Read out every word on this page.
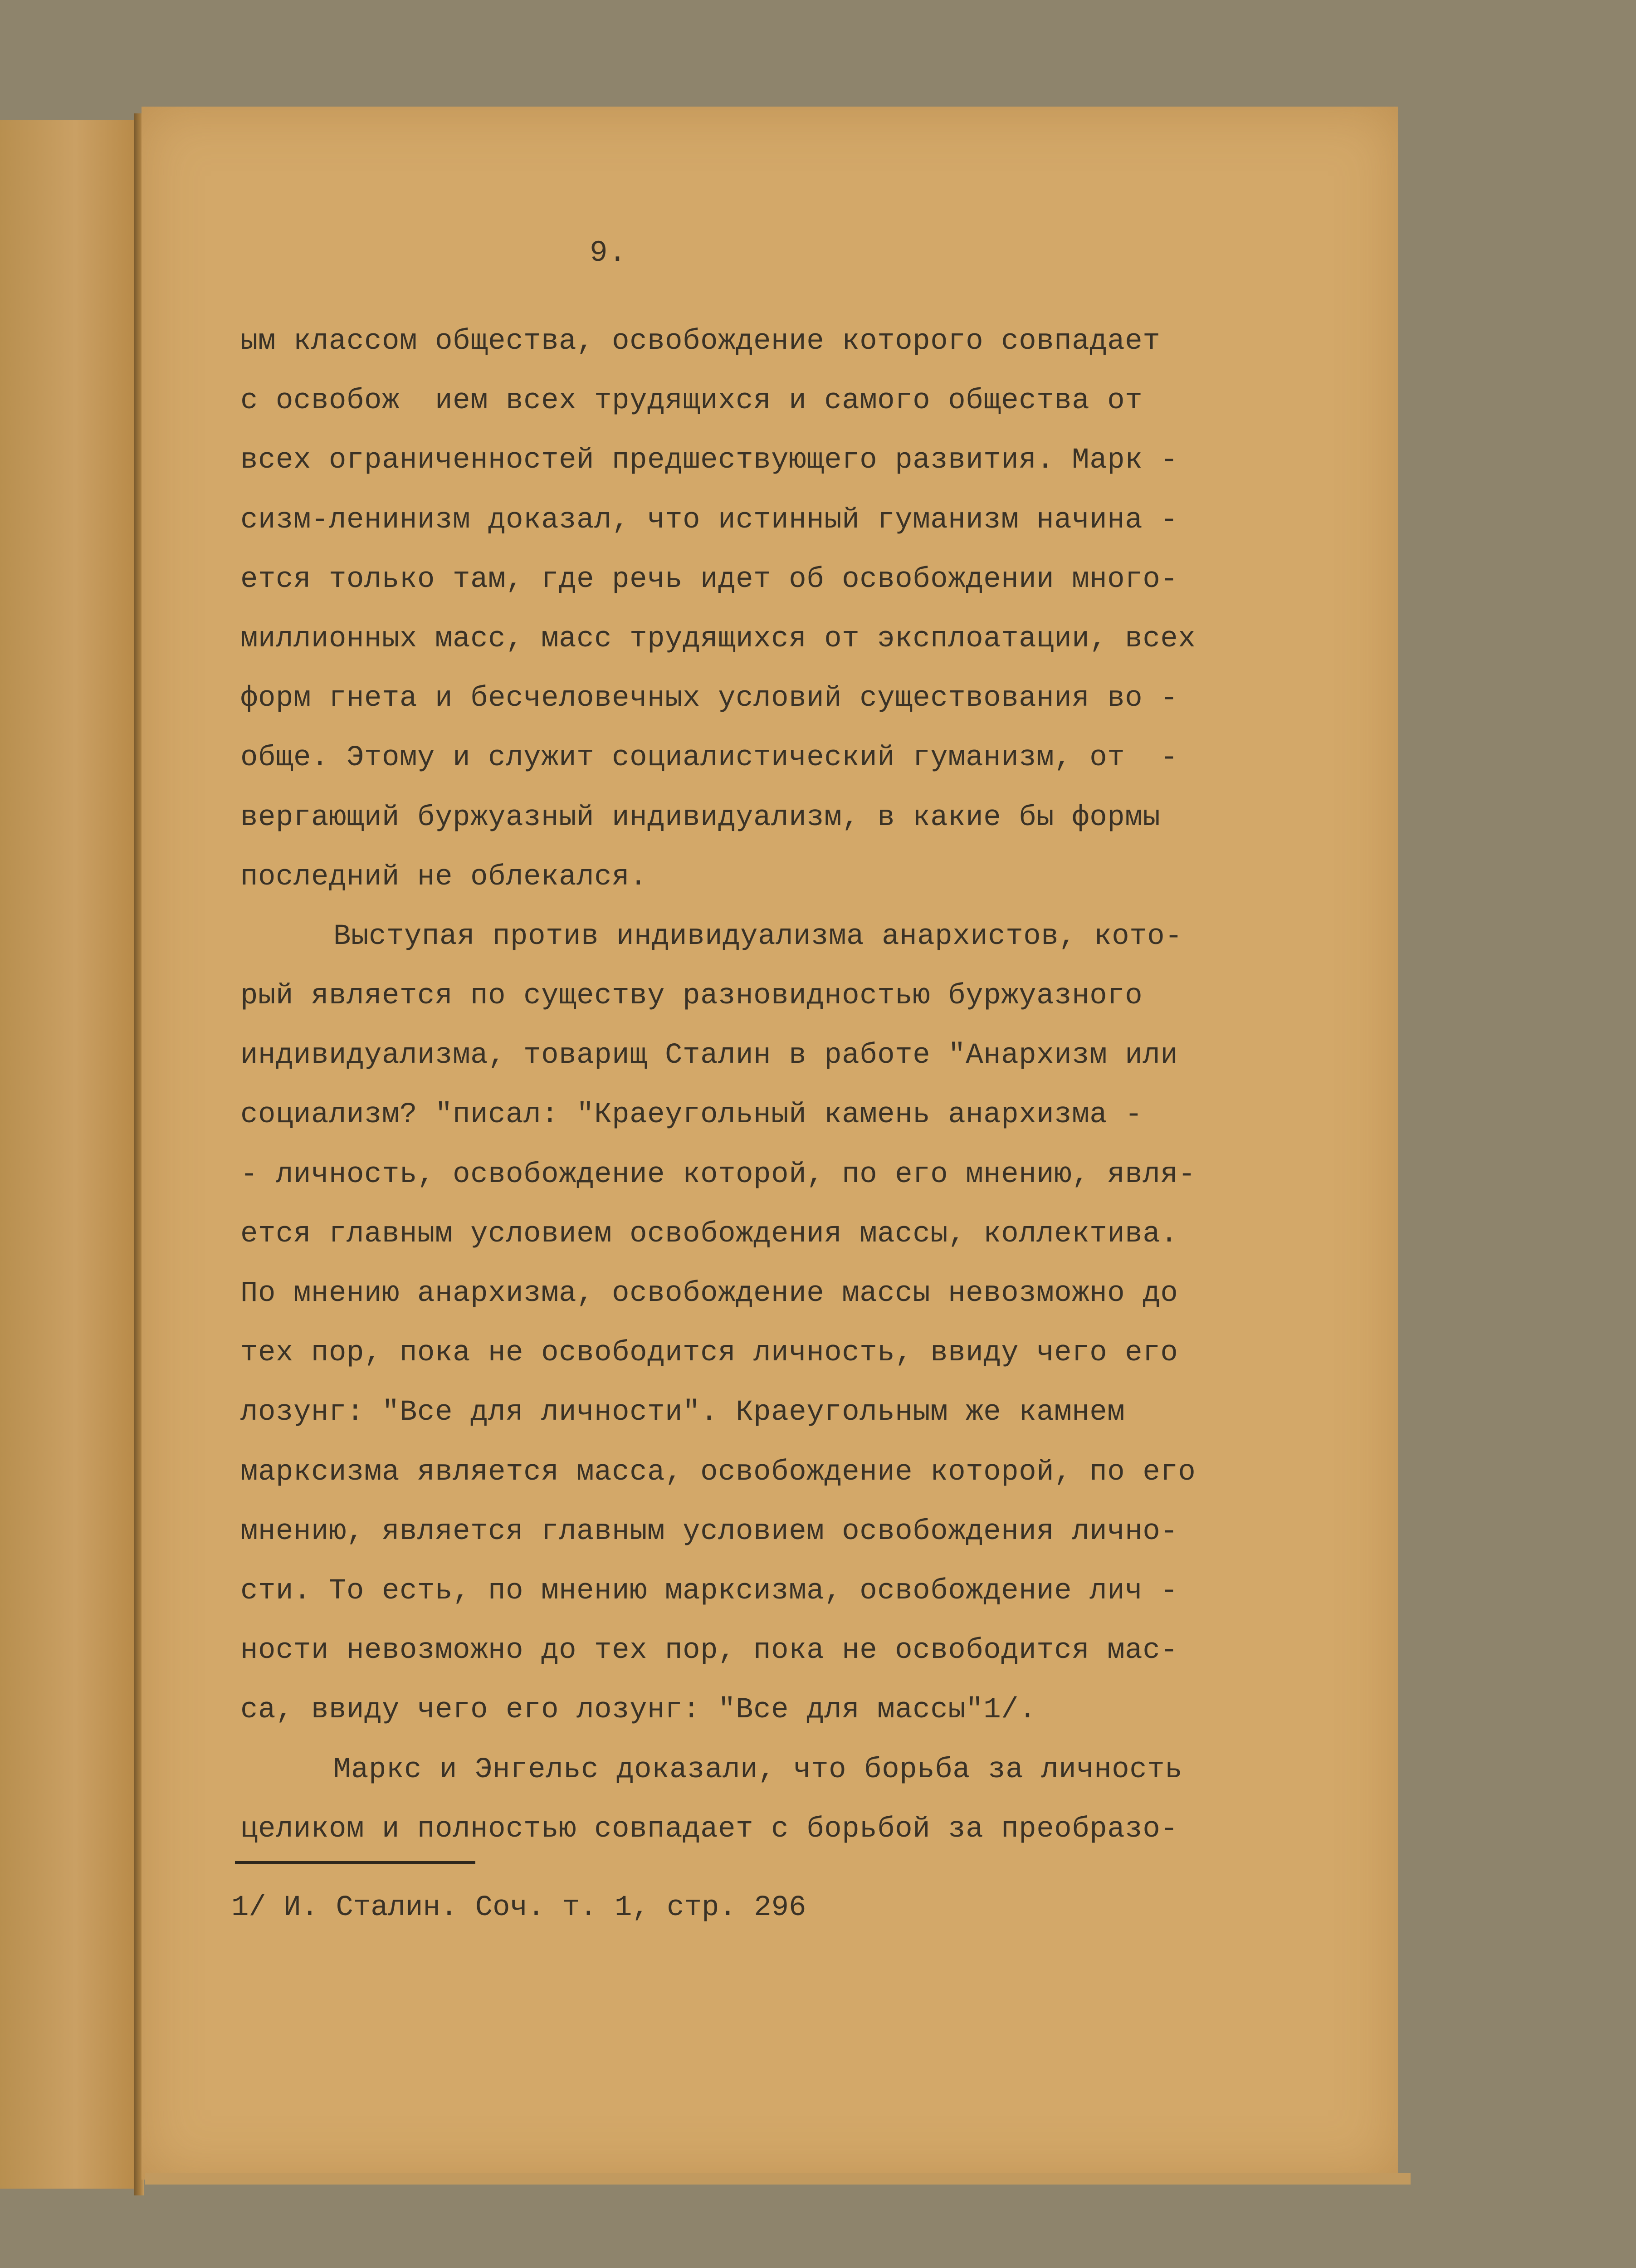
9.
ым классом общества, освобождение которого совпадает
с освобож  ием всех трудящихся и самого общества от
всех ограниченностей предшествующего развития. Марк -
сизм-ленинизм доказал, что истинный гуманизм начина -
ется только там, где речь идет об освобождении много-
миллионных масс, масс трудящихся от эксплоатации, всех
форм гнета и бесчеловечных условий существования во -
обще. Этому и служит социалистический гуманизм, от  -
вергающий буржуазный индивидуализм, в какие бы формы
последний не облекался.
Выступая против индивидуализма анархистов, кото-
рый является по существу разновидностью буржуазного
индивидуализма, товарищ Сталин в работе "Анархизм или
социализм? "писал: "Краеугольный камень анархизма -
- личность, освобождение которой, по его мнению, явля-
ется главным условием освобождения массы, коллектива.
По мнению анархизма, освобождение массы невозможно до
тех пор, пока не освободится личность, ввиду чего его
лозунг: "Все для личности". Краеугольным же камнем
марксизма является масса, освобождение которой, по его
мнению, является главным условием освобождения лично-
сти. То есть, по мнению марксизма, освобождение лич -
ности невозможно до тех пор, пока не освободится мас-
са, ввиду чего его лозунг: "Все для массы"1/.
Маркс и Энгельс доказали, что борьба за личность
целиком и полностью совпадает с борьбой за преобразо-
1/ И. Сталин. Соч. т. 1, стр. 296
